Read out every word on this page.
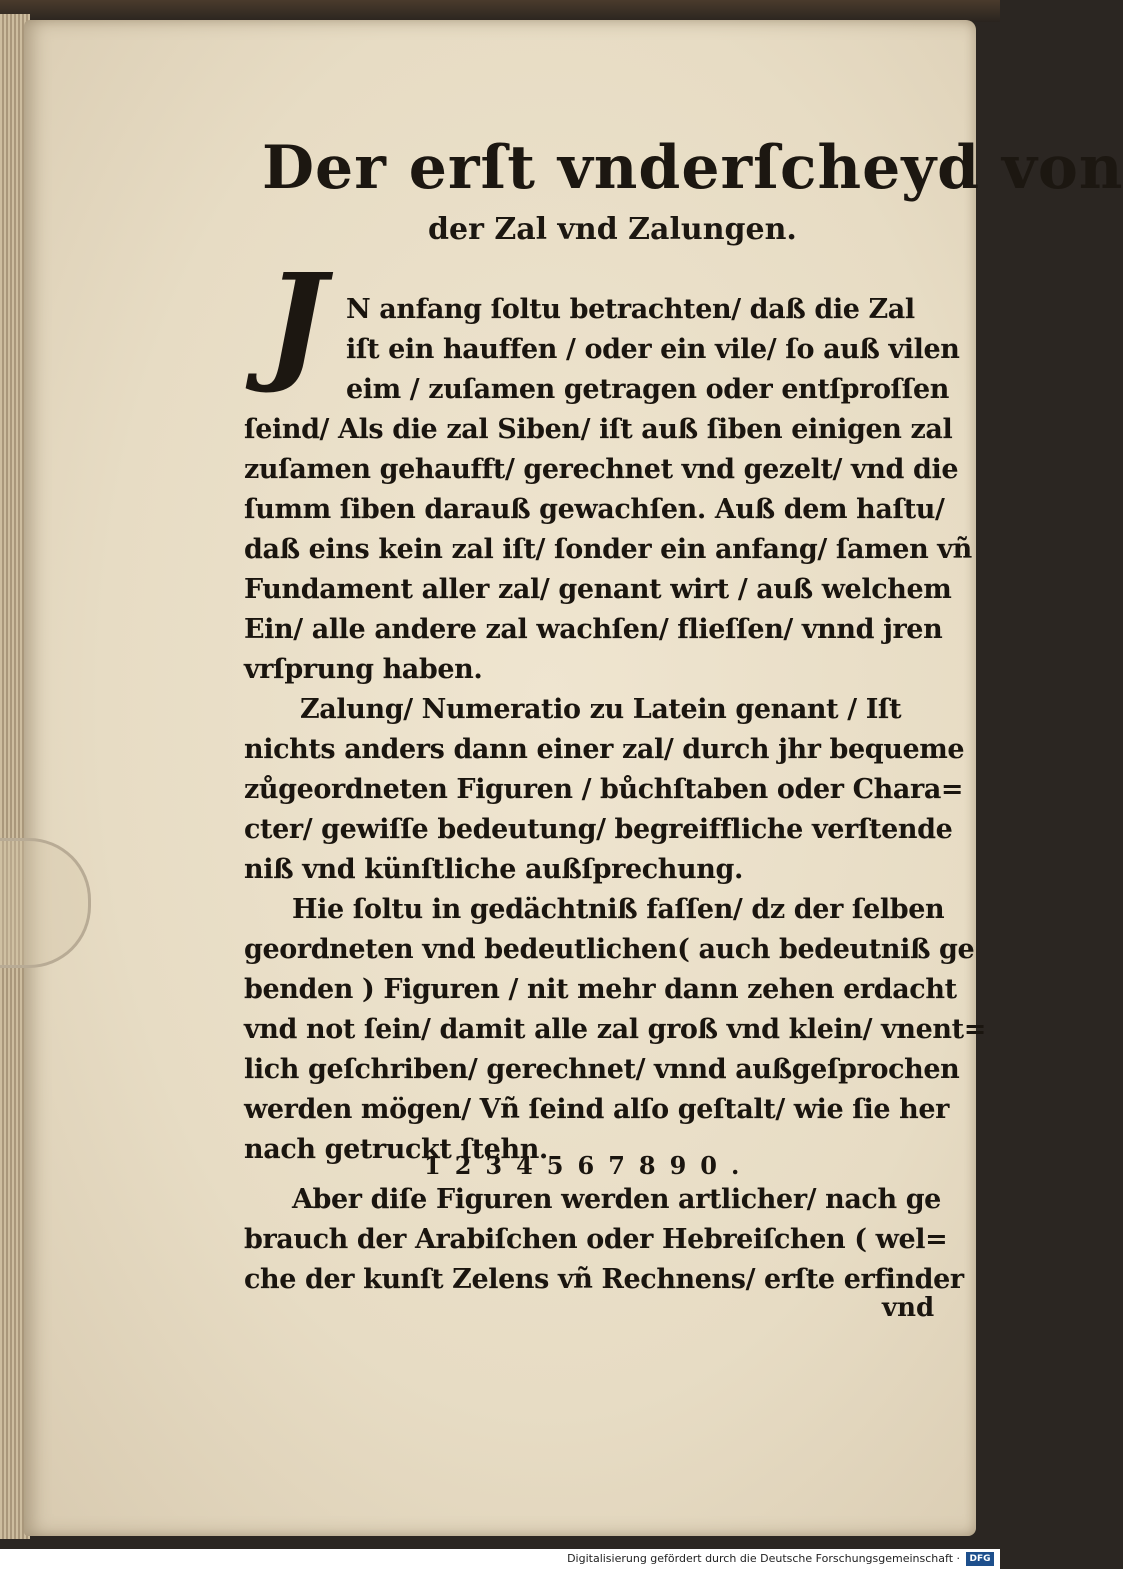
Der erſt vnderſcheyd von
der Zal vnd Zalungen.
J N anfang ſoltu betrachten/ daß die Zal
iſt ein hauffen / oder ein vile/ ſo auß vilen
eim / zuſamen getragen oder entſproſſen
ſeind/ Als die zal Siben/ iſt auß ſiben einigen zal
zuſamen gehaufft/ gerechnet vnd gezelt/ vnd die
ſumm ſiben darauß gewachſen. Auß dem haſtu/
daß eins kein zal iſt/ ſonder ein anfang/ ſamen vñ
Fundament aller zal/ genant wirt / auß welchem
Ein/ alle andere zal wachſen/ flieſſen/ vnnd jren
vrſprung haben.
Zalung/ Numeratio zu Latein genant / Iſt
nichts anders dann einer zal/ durch jhr bequeme
zůgeordneten Figuren / bůchſtaben oder Chara=
cter/ gewiſſe bedeutung/ begreiffliche verſtende
niß vnd künſtliche außſprechung.
Hie ſoltu in gedächtniß faſſen/ dz der ſelben
geordneten vnd bedeutlichen( auch bedeutniß ge
benden ) Figuren / nit mehr dann zehen erdacht
vnd not ſein/ damit alle zal groß vnd klein/ vnent=
lich geſchriben/ gerechnet/ vnnd außgeſprochen
werden mögen/ Vñ ſeind alſo geſtalt/ wie ſie her
nach getruckt ſtehn.
1234567890.
Aber diſe Figuren werden artlicher/ nach ge
brauch der Arabiſchen oder Hebreiſchen ( wel=
che der kunſt Zelens vñ Rechnens/ erſte erfinder
vnd
Digitalisierung gefördert durch die Deutsche Forschungsgemeinschaft ·	DFG
